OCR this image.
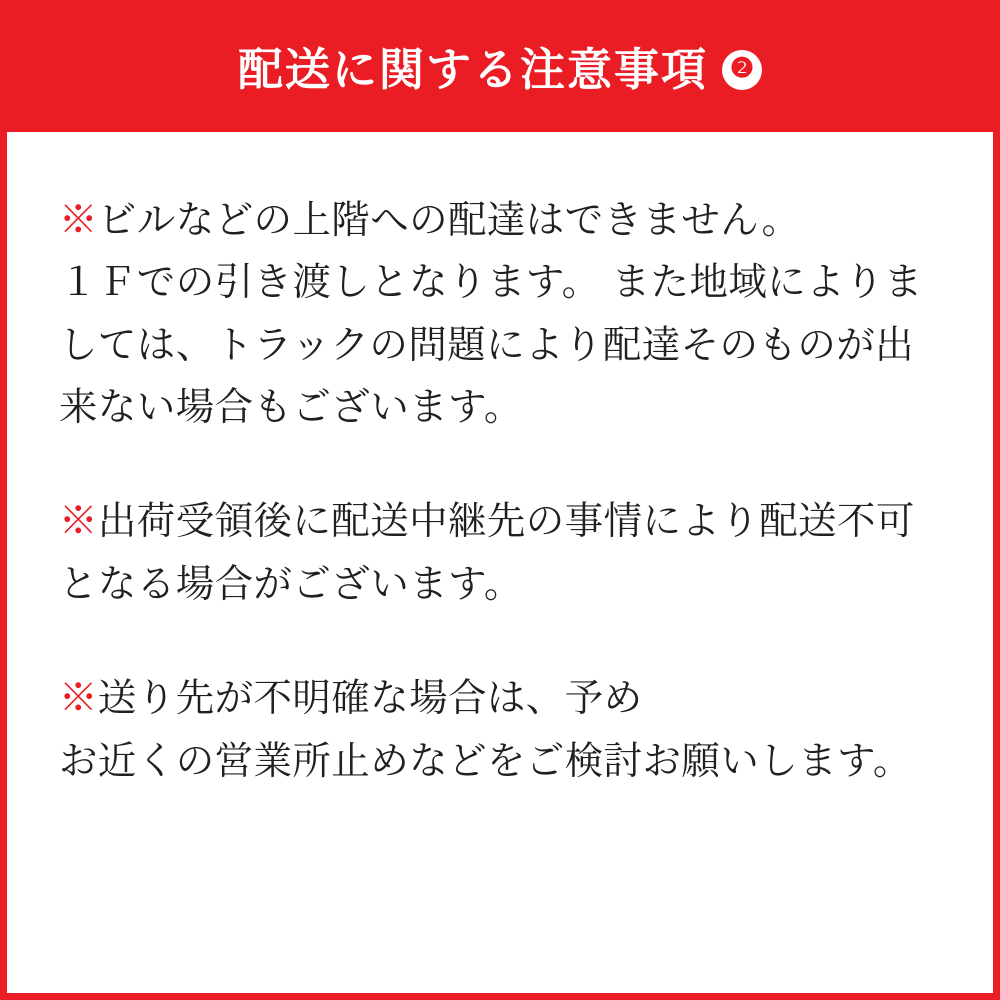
配送に関する注意事項 ❷

※ビルなどの上階への配達はできません。
１Ｆでの引き渡しとなります。 また地域によりま
しては、トラックの問題により配達そのものが出
来ない場合もございます。

※出荷受領後に配送中継先の事情により配送不可
となる場合がございます。

※送り先が不明確な場合は、予め
お近くの営業所止めなどをご検討お願いします。
